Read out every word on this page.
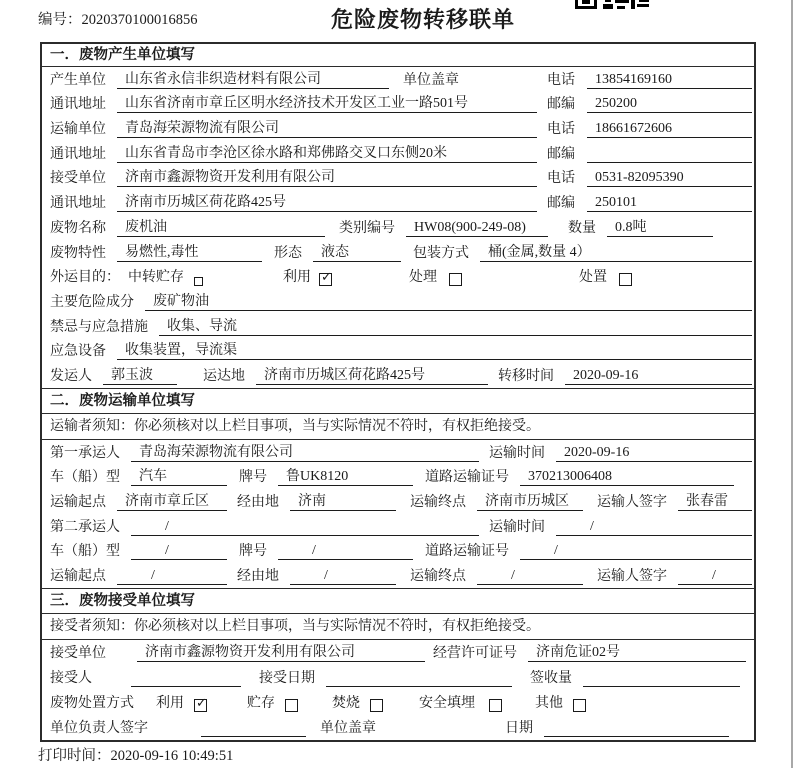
编号：2020370100016856	危险废物转移联单
一．废物产生单位填写
产生单位	山东省永信非织造材料有限公司	单位盖章	电话	13854169160
通讯地址	山东省济南市章丘区明水经济技术开发区工业一路501号	邮编	250200
运输单位	青岛海荣源物流有限公司	电话	18661672606
通讯地址	山东省青岛市李沧区徐水路和郑佛路交叉口东侧20米	邮编
接受单位	济南市鑫源物资开发利用有限公司	电话	0531-82095390
通讯地址	济南市历城区荷花路425号	邮编	250101
废物名称	废机油	类别编号	HW08(900-249-08)	数量	0.8吨
废物特性	易燃性,毒性	形态	液态	包装方式	桶(金属,数量 4）
外运目的： 中转贮存	利用 ✓	处理	处置
主要危险成分	废矿物油
禁忌与应急措施	收集、导流
应急设备	收集装置，导流渠
发运人	郭玉波	运达地	济南市历城区荷花路425号	转移时间	2020-09-16
二．废物运输单位填写
运输者须知：你必须核对以上栏目事项，当与实际情况不符时，有权拒绝接受。
第一承运人	青岛海荣源物流有限公司	运输时间	2020-09-16
车（船）型	汽车	牌号	鲁UK8120	道路运输证号	370213006408
运输起点	济南市章丘区	经由地	济南	运输终点	济南市历城区	运输人签字	张春雷
第二承运人	/	运输时间	/
车（船）型	/	牌号	/	道路运输证号	/
运输起点	/	经由地	/	运输终点	/	运输人签字	/
三．废物接受单位填写
接受者须知：你必须核对以上栏目事项，当与实际情况不符时，有权拒绝接受。
接受单位	济南市鑫源物资开发利用有限公司	经营许可证号	济南危证02号
接受人	接受日期	签收量
废物处置方式 利用 ✓	贮存	焚烧	安全填埋	其他
单位负责人签字	单位盖章	日期
打印时间：2020-09-16 10:49:51
